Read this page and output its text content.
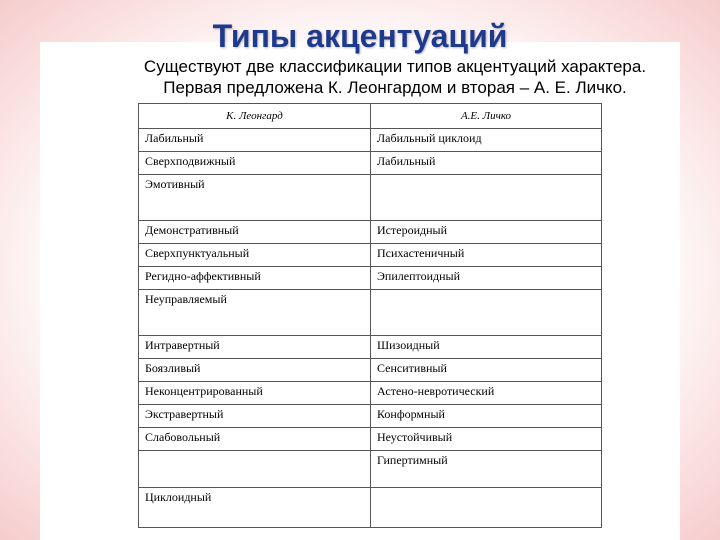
Типы акцентуаций
Существуют две классификации типов акцентуаций характера.
Первая предложена К. Леонгардом и вторая – А. Е. Личко.
К. Леонгард	А.Е. Личко
Лабильный	Лабильный циклоид
Сверхподвижный	Лабильный
Эмотивный	
Демонстративный	Истероидный
Сверхпунктуальный	Психастеничный
Регидно-аффективный	Эпилептоидный
Неуправляемый	
Интравертный	Шизоидный
Боязливый	Сенситивный
Неконцентрированный	Астено-невротический
Экстравертный	Конформный
Слабовольный	Неустойчивый
	Гипертимный
Циклоидный	
